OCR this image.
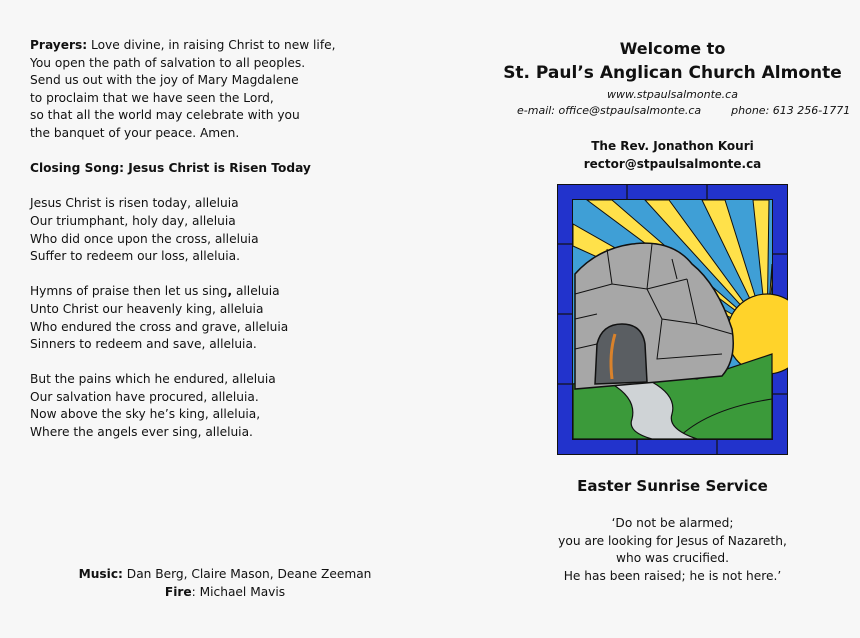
Prayers: Love divine, in raising Christ to new life,

You open the path of salvation to all peoples.

Send us out with the joy of Mary Magdalene

to proclaim that we have seen the Lord,

so that all the world may celebrate with you

the banquet of your peace. Amen.

Closing Song: Jesus Christ is Risen Today

Jesus Christ is risen today, alleluia

Our triumphant, holy day, alleluia

Who did once upon the cross, alleluia

Suffer to redeem our loss, alleluia.

Hymns of praise then let us sing, alleluia

Unto Christ our heavenly king, alleluia

Who endured the cross and grave, alleluia

Sinners to redeem and save, alleluia.

But the pains which he endured, alleluia

Our salvation have procured, alleluia.

Now above the sky he’s king, alleluia,

Where the angels ever sing, alleluia.

Music: Dan Berg, Claire Mason, Deane Zeeman
Fire: Michael Mavis
Welcome to
St. Paul’s Anglican Church Almonte
www.stpaulsalmonte.ca
e-mail: office@stpaulsalmonte.ca	phone: 613 256-1771
The Rev. Jonathon Kouri
rector@stpaulsalmonte.ca
Easter Sunrise Service
‘Do not be alarmed;
you are looking for Jesus of Nazareth,
who was crucified.
He has been raised; he is not here.’
